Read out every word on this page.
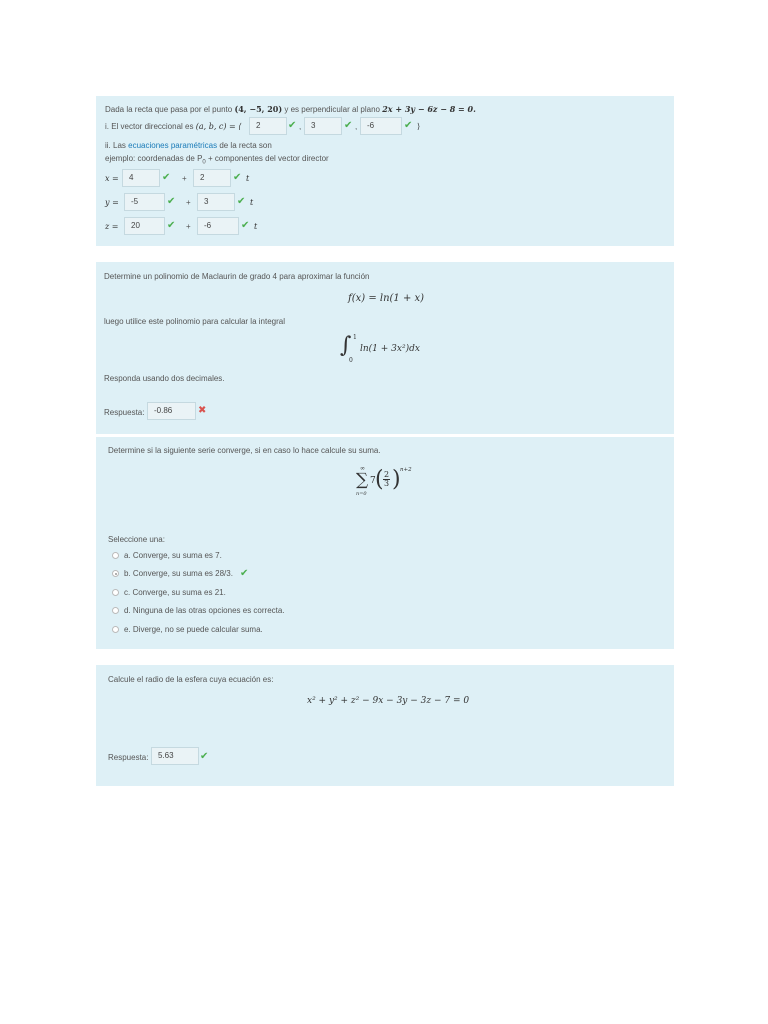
Dada la recta que pasa por el punto (4, −5, 20) y es perpendicular al plano 2x + 3y − 6z − 8 = 0.
i. El vector direccional es (a, b, c) = ⟨	2	✔ ,	3	✔ ,	-6	✔ ⟩
ii. Las ecuaciones paramétricas de la recta son
ejemplo: coordenadas de $P_0$ + componentes del vector director
x =	4	✔ +	2	✔ t
y =	-5	✔ +	3	✔ t
z =	20	✔ +	-6	✔ t
Determine un polinomio de Maclaurin de grado 4 para aproximar la función
f(x) = ln(1 + x)
luego utilice este polinomio para calcular la integral
∫ 1
0
ln(1 + 3x²)dx
Responda usando dos decimales.
Respuesta:	-0.86	✖
Determine si la siguiente serie converge, si en caso lo hace calcule su suma.
∞
∑
n=0
7 ( $\frac{2}{3}$ ) n+2
Seleccione una:
a. Converge, su suma es 7.
b. Converge, su suma es 28/3. ✔
c. Converge, su suma es 21.
d. Ninguna de las otras opciones es correcta.
e. Diverge, no se puede calcular suma.
Calcule el radio de la esfera cuya ecuación es:
x² + y² + z² − 9x − 3y − 3z − 7 = 0
Respuesta:	5.63	✔
